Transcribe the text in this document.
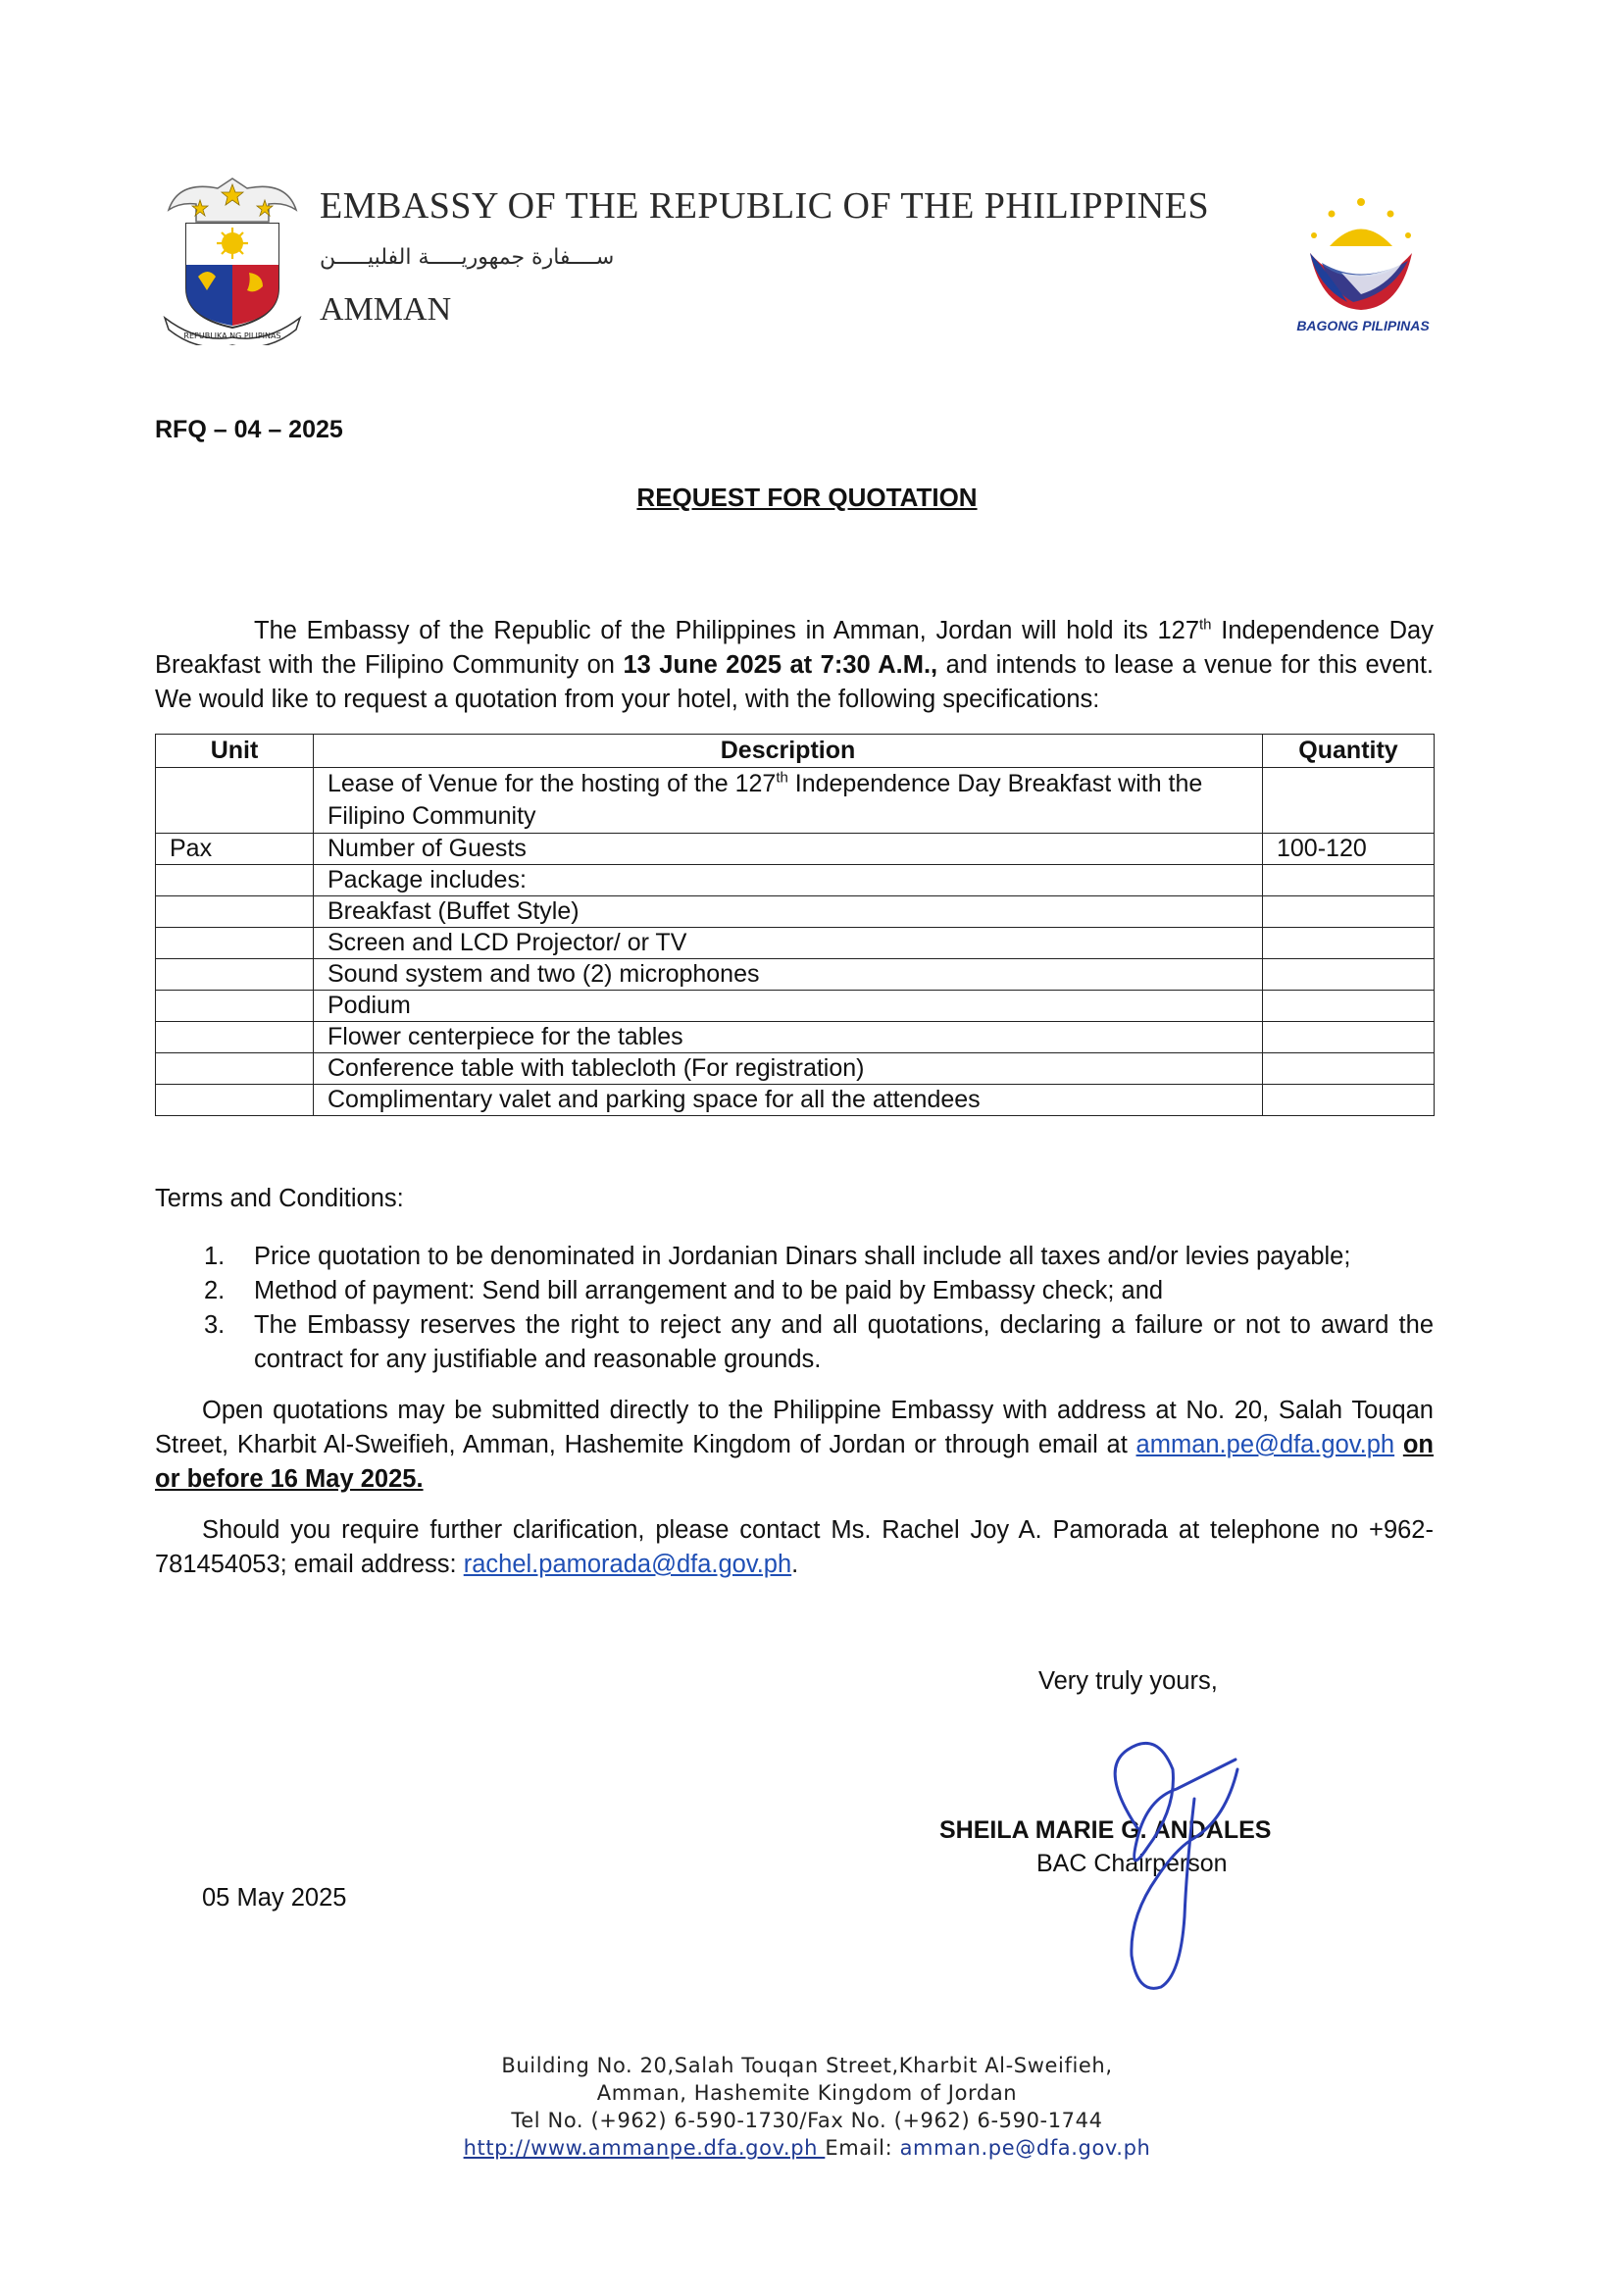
REPUBLIKA NG PILIPINAS
EMBASSY OF THE REPUBLIC OF THE PHILIPPINES
ســــفارة جمهوريـــــة الفلبيـــــن
AMMAN	BAGONG PILIPINAS
RFQ – 04 – 2025
REQUEST FOR QUOTATION
The Embassy of the Republic of the Philippines in Amman, Jordan will hold its 127th Independence Day Breakfast with the Filipino Community on 13 June 2025 at 7:30 A.M., and intends to lease a venue for this event. We would like to request a quotation from your hotel, with the following specifications:
Unit	Description	Quantity
	Lease of Venue for the hosting of the 127th Independence Day Breakfast with the Filipino Community	
Pax	Number of Guests	100-120
	Package includes:	
	Breakfast (Buffet Style)	
	Screen and LCD Projector/ or TV	
	Sound system and two (2) microphones	
	Podium	
	Flower centerpiece for the tables	
	Conference table with tablecloth (For registration)	
	Complimentary valet and parking space for all the attendees	
Terms and Conditions:
1. Price quotation to be denominated in Jordanian Dinars shall include all taxes and/or levies payable;
2. Method of payment: Send bill arrangement and to be paid by Embassy check; and
3. The Embassy reserves the right to reject any and all quotations, declaring a failure or not to award the contract for any justifiable and reasonable grounds.
Open quotations may be submitted directly to the Philippine Embassy with address at No. 20, Salah Touqan Street, Kharbit Al-Sweifieh, Amman, Hashemite Kingdom of Jordan or through email at amman.pe@dfa.gov.ph on or before 16 May 2025.
Should you require further clarification, please contact Ms. Rachel Joy A. Pamorada at telephone no +962-781454053; email address: rachel.pamorada@dfa.gov.ph.
Very truly yours,
SHEILA MARIE G. ANDALES
BAC Chairperson
05 May 2025
Building No. 20,Salah Touqan Street,Kharbit Al-Sweifieh,
Amman, Hashemite Kingdom of Jordan
Tel No. (+962) 6-590-1730/Fax No. (+962) 6-590-1744
http://www.ammanpe.dfa.gov.ph Email: amman.pe@dfa.gov.ph
